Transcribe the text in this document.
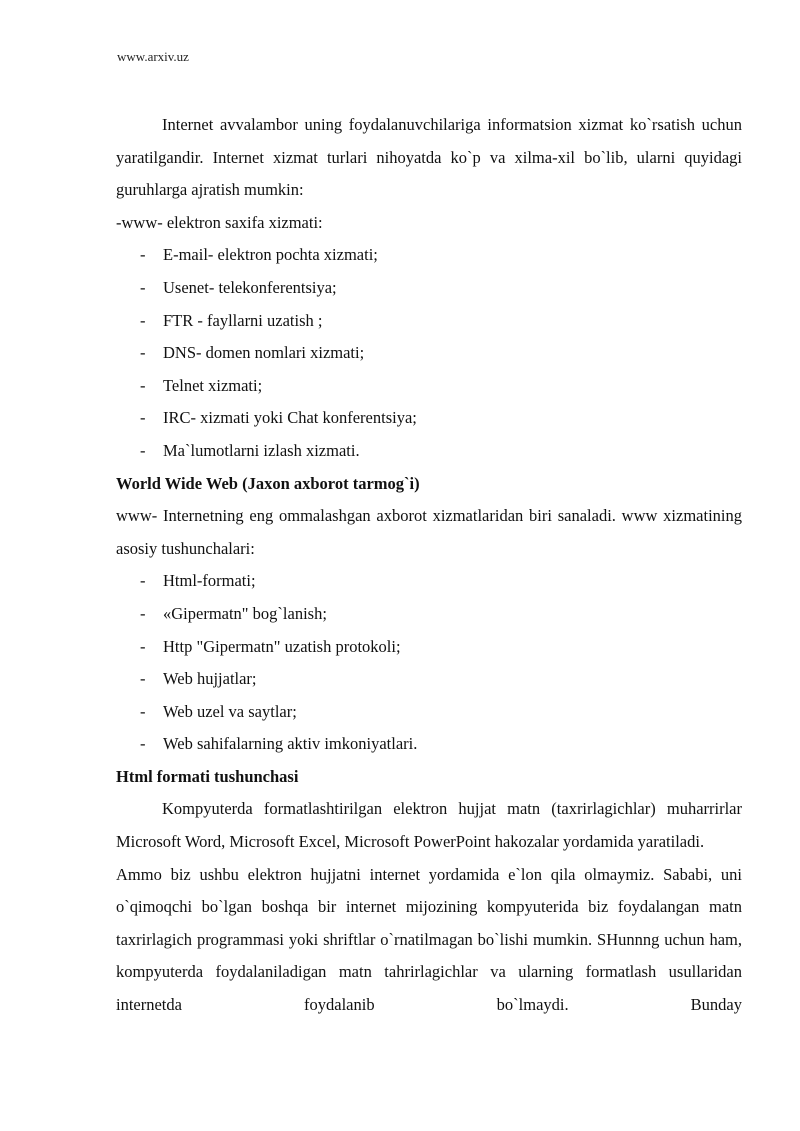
www.arxiv.uz

Internet avvalambor uning foydalanuvchilariga informatsion xizmat ko`rsatish uchun yaratilgandir. Internet xizmat turlari nihoyatda ko`p va xilma-xil bo`lib, ularni quyidagi guruhlarga ajratish mumkin:

-www- elektron saxifa xizmati:

- E-mail- elektron pochta xizmati;
- Usenet- telekonferentsiya;
- FTR - fayllarni uzatish ;
- DNS- domen nomlari xizmati;
- Telnet xizmati;
- IRC- xizmati yoki Chat konferentsiya;
- Ma`lumotlarni izlash xizmati.

World Wide Web (Jaxon axborot tarmog`i)

www- Internetning eng ommalashgan axborot xizmatlaridan biri sanaladi. www xizmatining asosiy tushunchalari:

- Html-formati;
- «Gipermatn" bog`lanish;
- Http "Gipermatn" uzatish protokoli;
- Web hujjatlar;
- Web uzel va saytlar;
- Web sahifalarning aktiv imkoniyatlari.

Html formati tushunchasi

Kompyuterda formatlashtirilgan elektron hujjat matn (taxrirlagichlar) muharrirlar Microsoft Word, Microsoft Excel, Microsoft PowerPoint hakozalar yordamida yaratiladi.

Ammo biz ushbu elektron hujjatni internet yordamida e`lon qila olmaymiz. Sababi, uni o`qimoqchi bo`lgan boshqa bir internet mijozining kompyuterida biz foydalangan matn taxrirlagich programmasi yoki shriftlar o`rnatilmagan bo`lishi mumkin. SHunnng uchun ham, kompyuterda foydalaniladigan matn tahrirlagichlar va ularning formatlash usullaridan internetda foydalanib bo`lmaydi. Bunday
